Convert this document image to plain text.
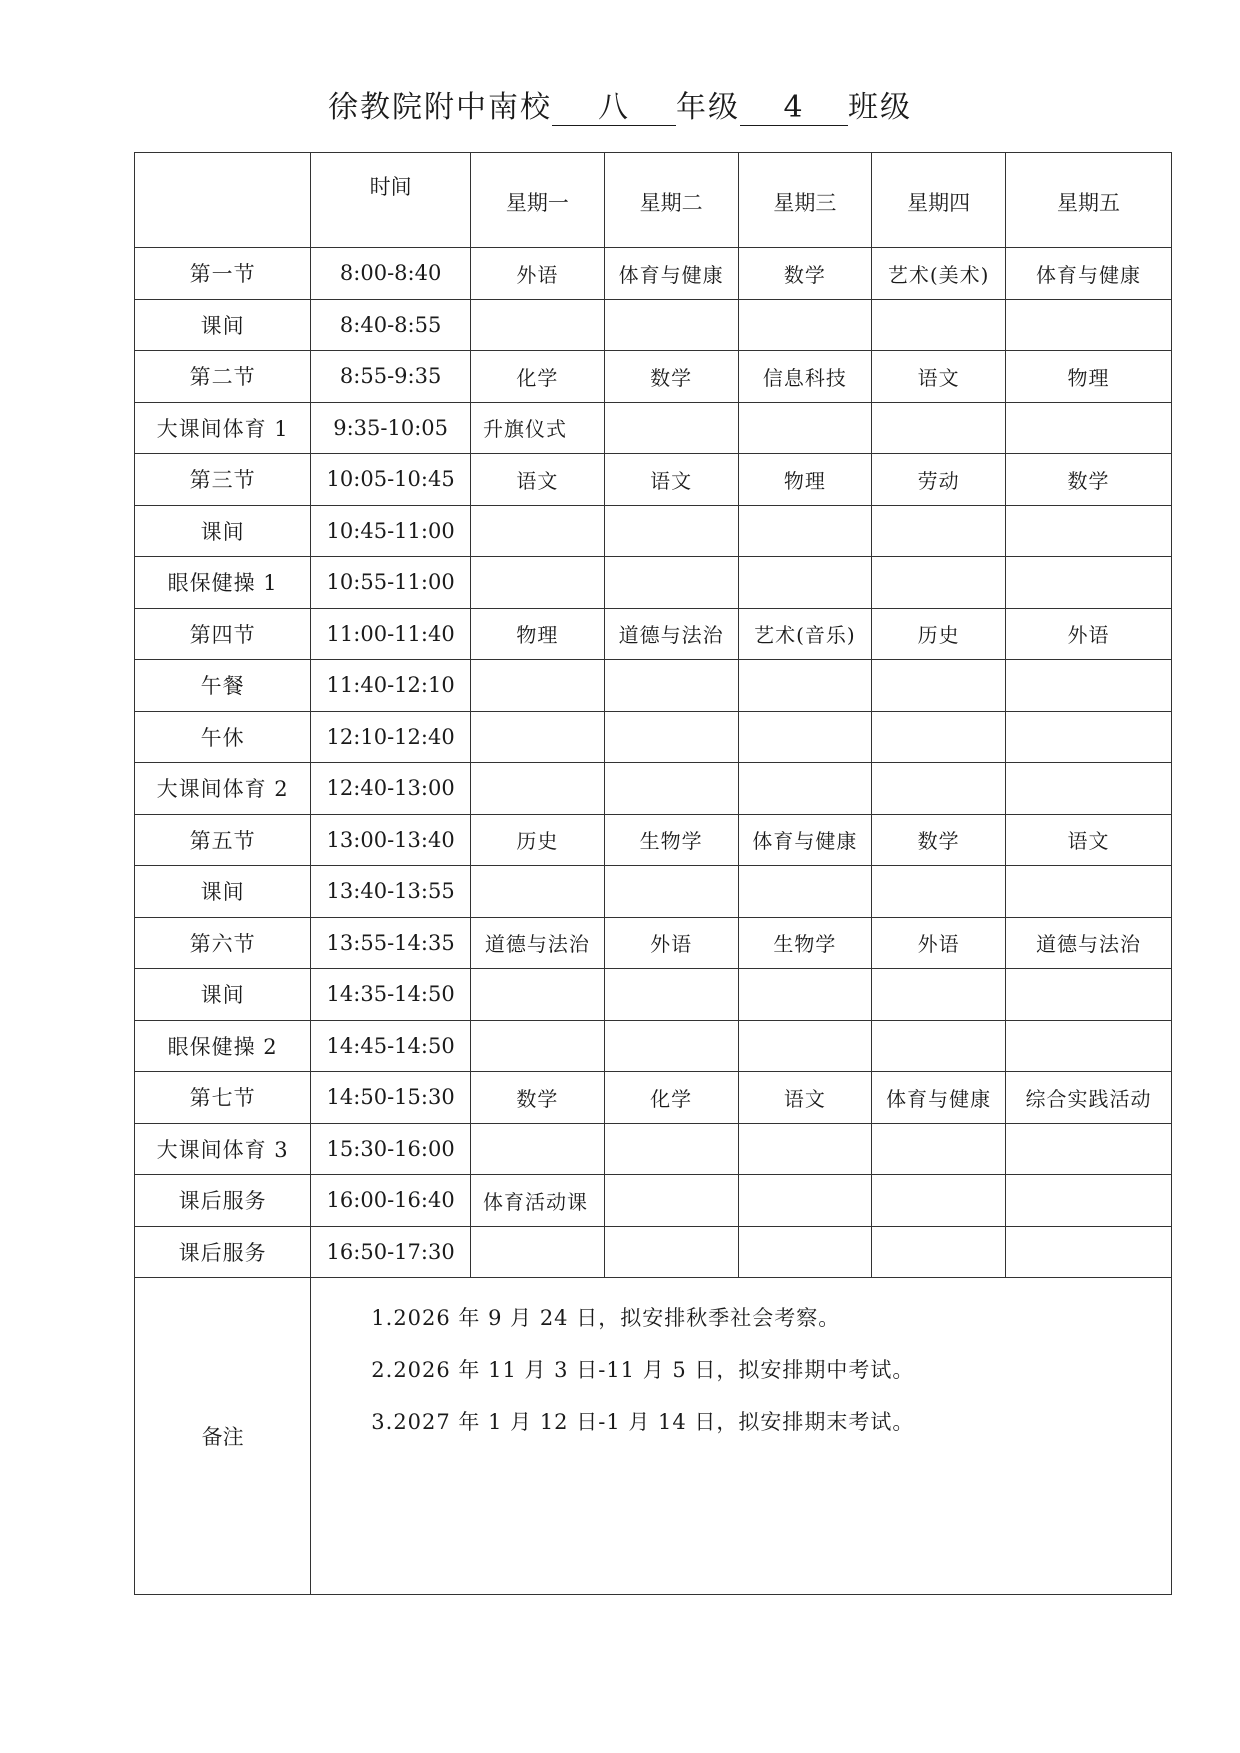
徐教院附中南校 八 年级 4 班级
	时间	星期一	星期二	星期三	星期四	星期五
第一节	8:00-8:40	外语	体育与健康	数学	艺术(美术)	体育与健康
课间	8:40-8:55					
第二节	8:55-9:35	化学	数学	信息科技	语文	物理
大课间体育 1	9:35-10:05	升旗仪式				
第三节	10:05-10:45	语文	语文	物理	劳动	数学
课间	10:45-11:00					
眼保健操 1	10:55-11:00					
第四节	11:00-11:40	物理	道德与法治	艺术(音乐)	历史	外语
午餐	11:40-12:10					
午休	12:10-12:40					
大课间体育 2	12:40-13:00					
第五节	13:00-13:40	历史	生物学	体育与健康	数学	语文
课间	13:40-13:55					
第六节	13:55-14:35	道德与法治	外语	生物学	外语	道德与法治
课间	14:35-14:50					
眼保健操 2	14:45-14:50					
第七节	14:50-15:30	数学	化学	语文	体育与健康	综合实践活动
大课间体育 3	15:30-16:00					
课后服务	16:00-16:40	体育活动课				
课后服务	16:50-17:30					
备注	1.2026 年 9 月 24 日，拟安排秋季社会考察。
2.2026 年 11 月 3 日-11 月 5 日，拟安排期中考试。
3.2027 年 1 月 12 日-1 月 14 日，拟安排期末考试。					
